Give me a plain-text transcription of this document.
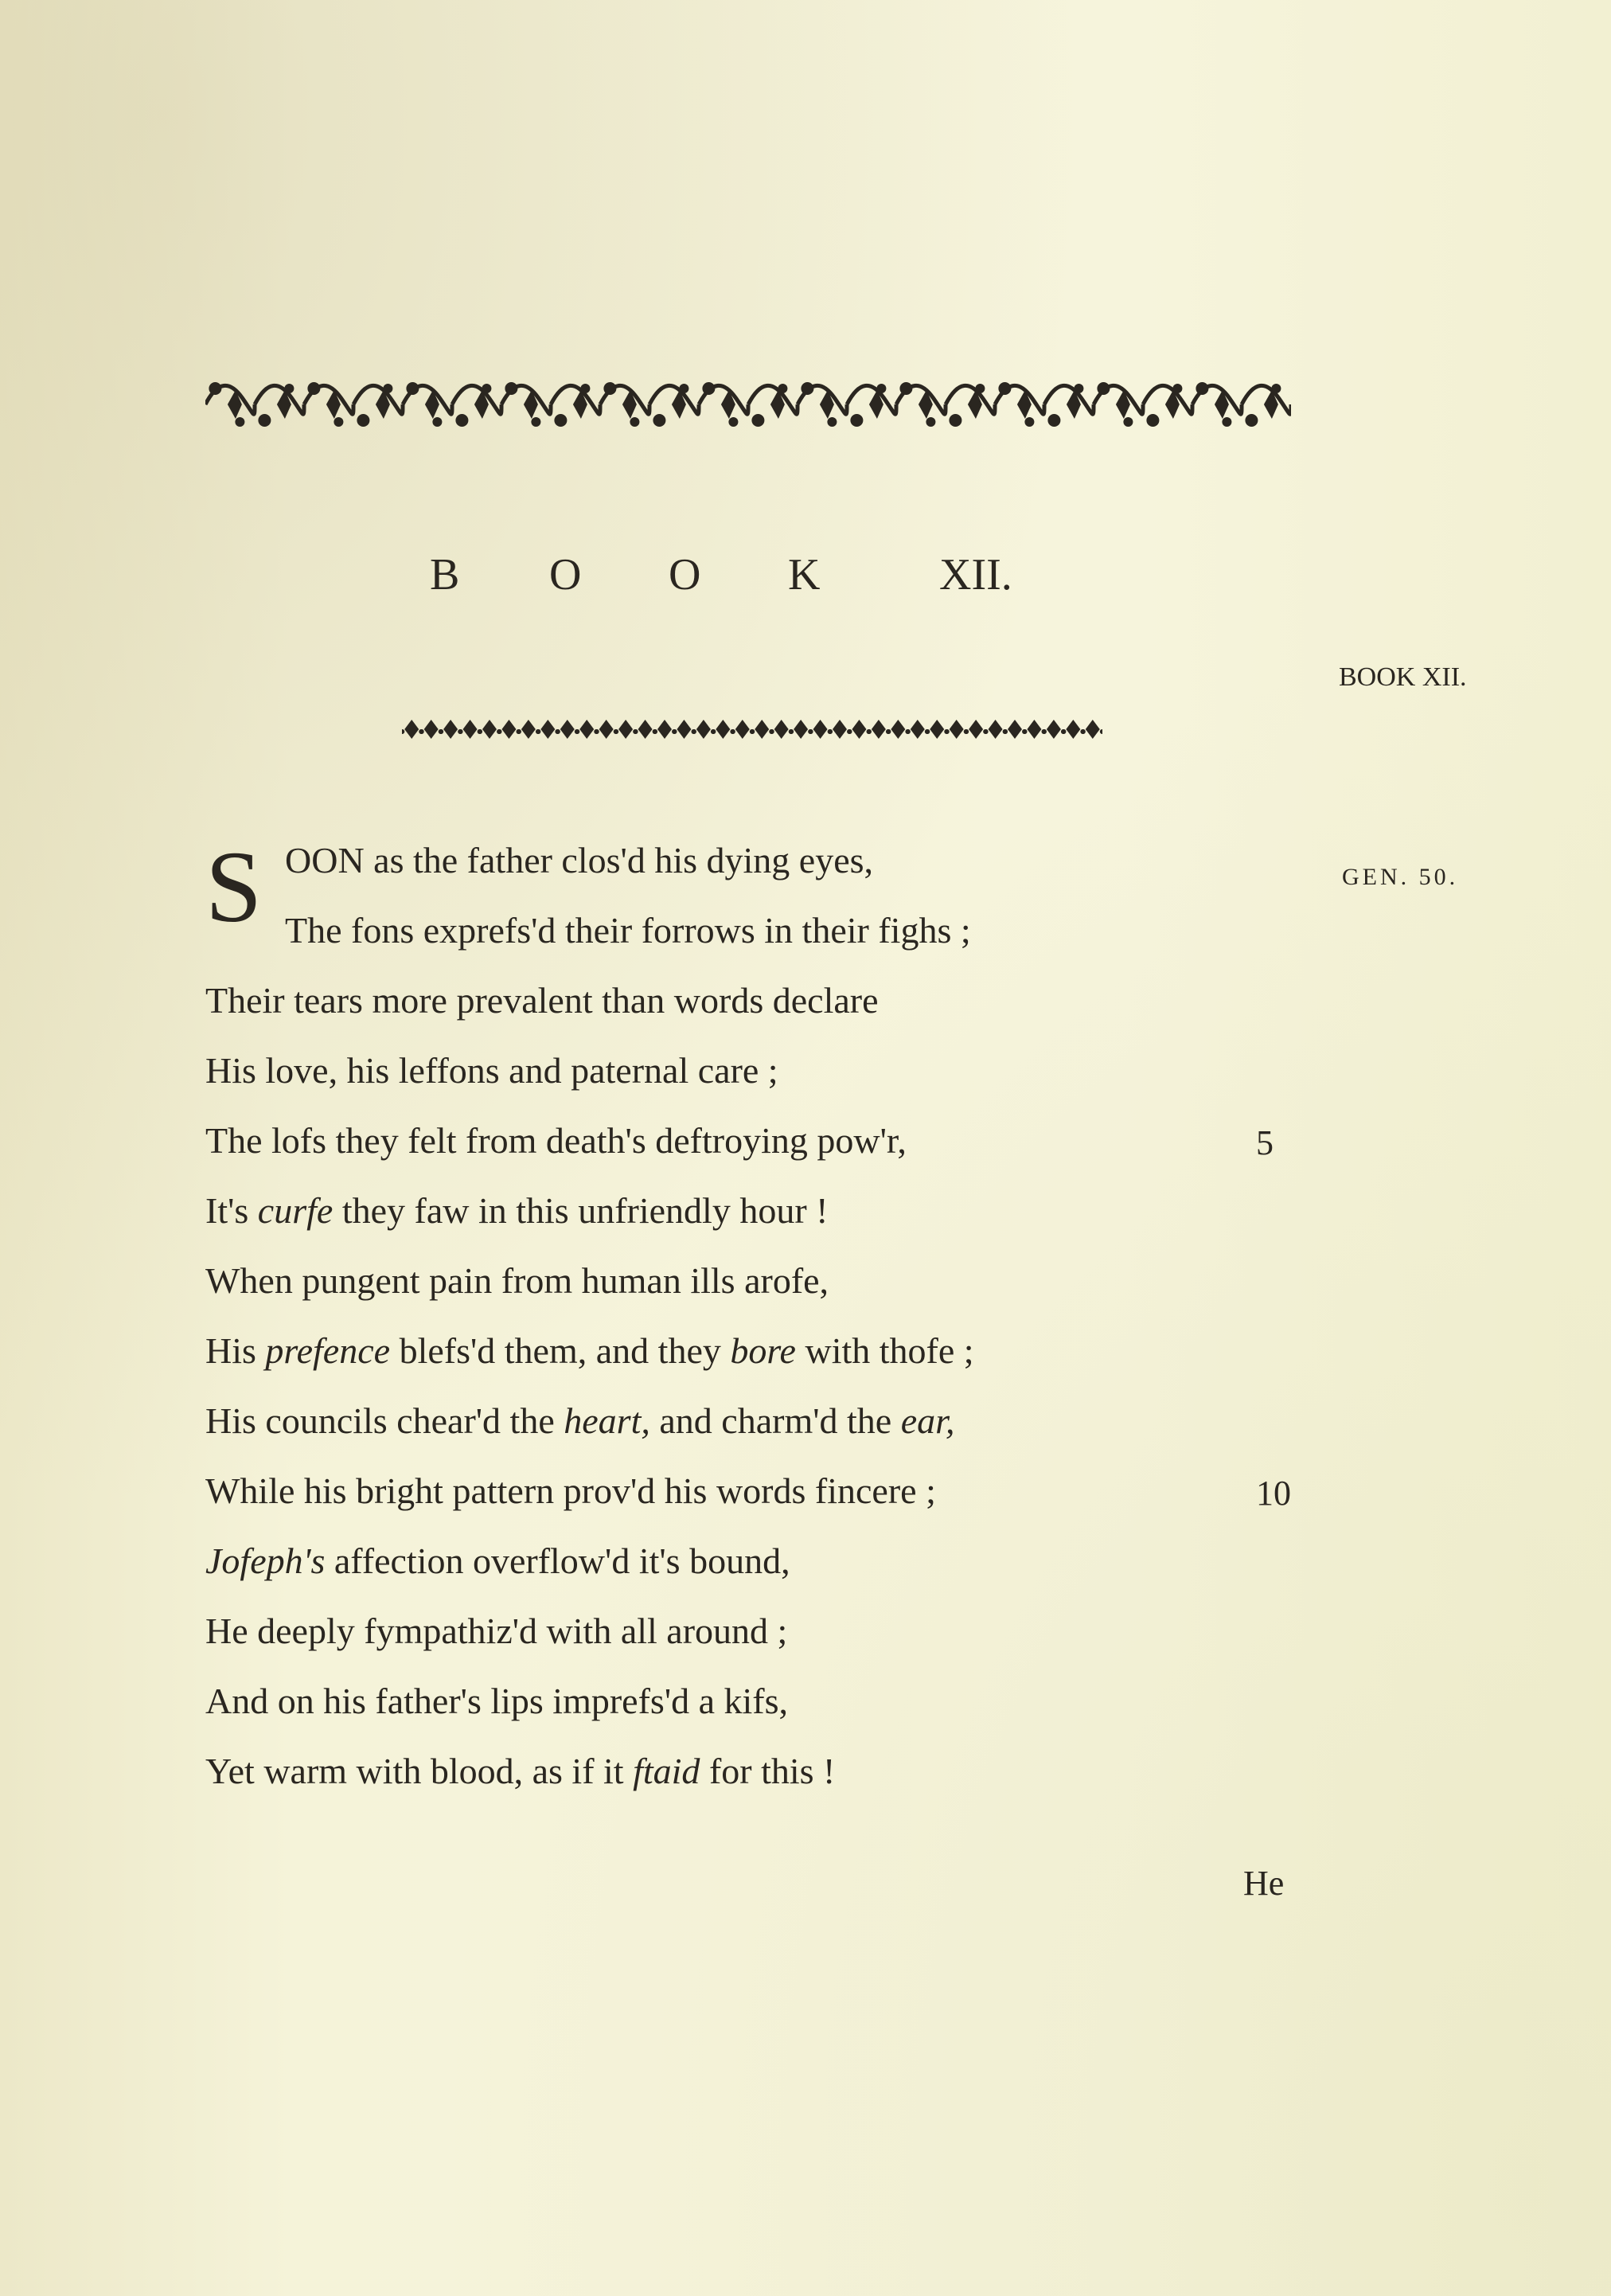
B O O K	XII.
BOOK XII.
S	GEN. 50.
OON as the father clos'd his dying eyes,
The fons exprefs'd their forrows in their fighs ;
Their tears more prevalent than words declare
His love, his leffons and paternal care ;
The lofs they felt from death's deftroying pow'r,
It's curfe they faw in this unfriendly hour !
When pungent pain from human ills arofe,
His prefence blefs'd them, and they bore with thofe ;
His councils chear'd the heart, and charm'd the ear,
While his bright pattern prov'd his words fincere ;
Jofeph's affection overflow'd it's bound,
He deeply fympathiz'd with all around ;
And on his father's lips imprefs'd a kifs,
Yet warm with blood, as if it ftaid for this !
5
10
He
